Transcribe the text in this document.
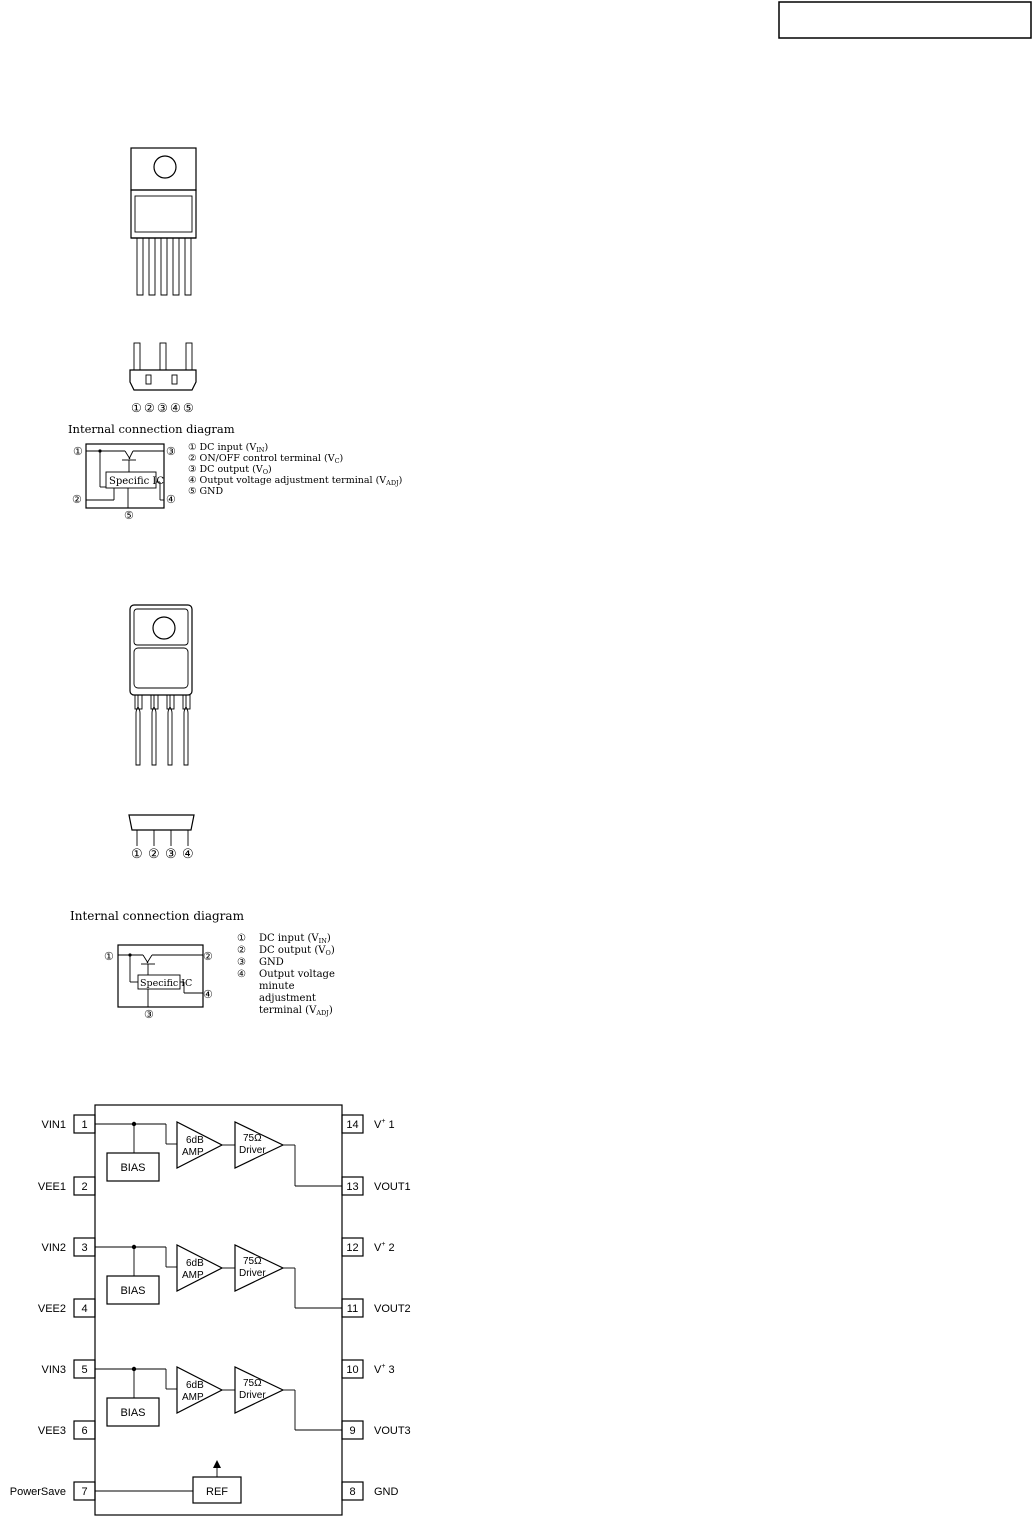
① ② ③ ④ ⑤
Internal connection diagram
Specific IC
①
②
③
④
⑤
① DC input $(V_{IN})$
② ON/OFF control terminal $(V_C)$
③ DC output $(V_O)$
④ Output voltage adjustment terminal $(V_{ADJ})$
⑤ GND
① ② ③ ④
Internal connection diagram
Specific IC
①	②
③
④
① DC input $(V_{IN})$
② DC output $(V_O)$
③ GND
④ Output voltage
minute
adjustment
terminal $(V_{ADJ})$
1
VIN1
2
VEE1
3
VIN2
4
VEE2
5
VIN3
6
VEE3
7
PowerSave
14 V+ 1
13 VOUT1
12 V+ 2
11 VOUT2
10 V+ 3
9 VOUT3
8 GND
BIAS
6dB
AMP
75Ω
Driver
BIAS
6dB
AMP
75Ω
Driver
BIAS
6dB
AMP
75Ω
Driver
REF
